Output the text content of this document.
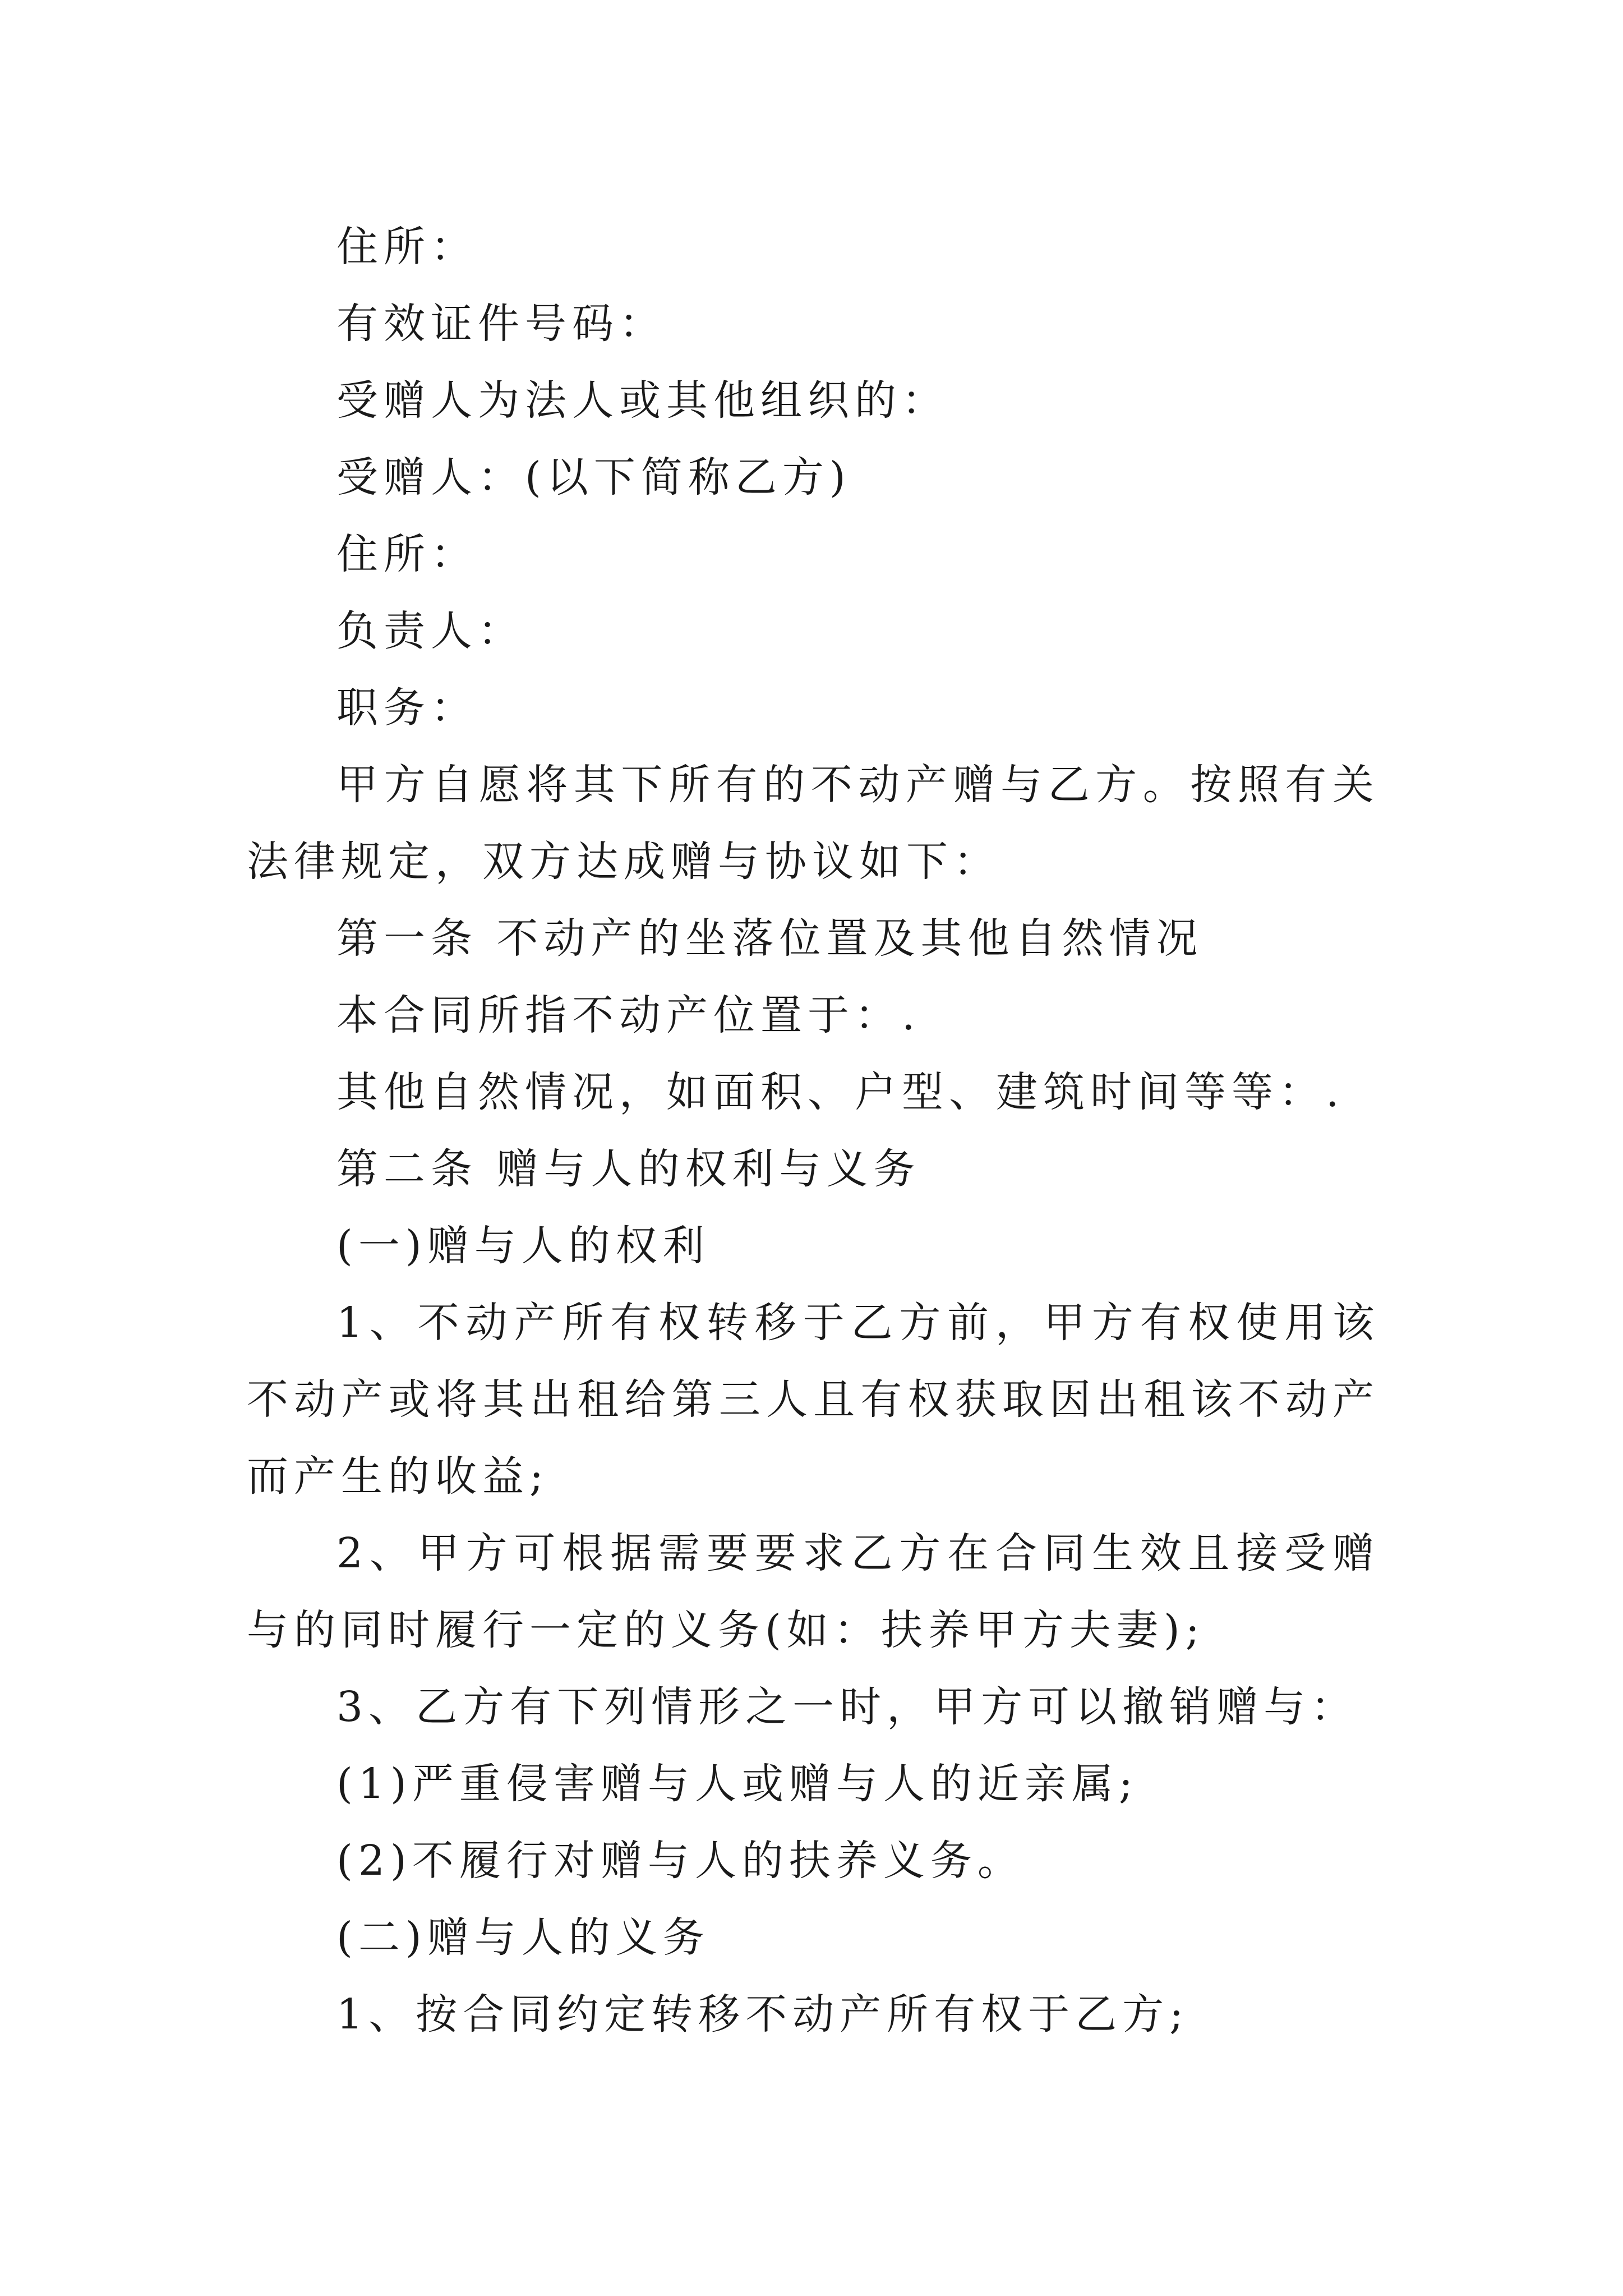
住所：

有效证件号码：

受赠人为法人或其他组织的：

受赠人：(以下简称乙方)

住所：

负责人：

职务：

甲方自愿将其下所有的不动产赠与乙方。按照有关法律规定，双方达成赠与协议如下：

第一条 不动产的坐落位置及其他自然情况

本合同所指不动产位置于：.

其他自然情况，如面积、户型、建筑时间等等：.

第二条 赠与人的权利与义务

(一)赠与人的权利

1、不动产所有权转移于乙方前，甲方有权使用该不动产或将其出租给第三人且有权获取因出租该不动产而产生的收益;

2、甲方可根据需要要求乙方在合同生效且接受赠与的同时履行一定的义务(如：扶养甲方夫妻);

3、乙方有下列情形之一时，甲方可以撤销赠与：

(1)严重侵害赠与人或赠与人的近亲属;

(2)不履行对赠与人的扶养义务。

(二)赠与人的义务

1、按合同约定转移不动产所有权于乙方;
